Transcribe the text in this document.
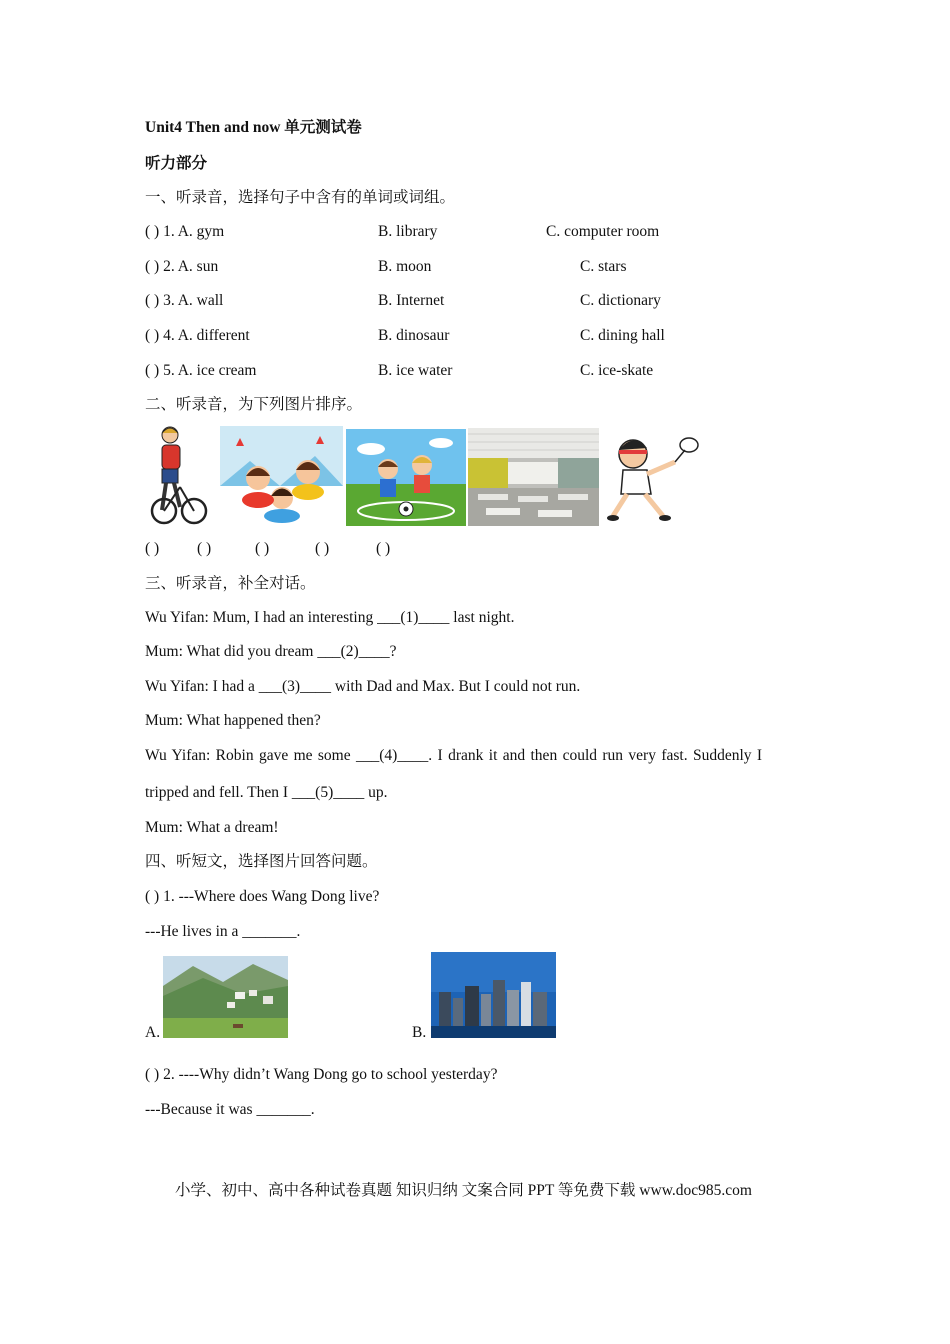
Unit4 Then and now 单元测试卷
听力部分
一、听录音，选择句子中含有的单词或词组。
( ) 1. A. gym	B. library	C. computer room
( ) 2. A. sun	B. moon	C. stars
( ) 3. A. wall	B. Internet	C. dictionary
( ) 4. A. different	B. dinosaur	C. dining hall
( ) 5. A. ice cream	B. ice water	C. ice-skate
二、听录音，为下列图片排序。
( ) ( )	( )	( )	( )
三、听录音，补全对话。
Wu Yifan: Mum, I had an interesting ___(1)____ last night.
Mum: What did you dream ___(2)____?
Wu Yifan: I had a ___(3)____ with Dad and Max. But I could not run.
Mum: What happened then?
Wu Yifan: Robin gave me some ___(4)____. I drank it and then could run very fast. Suddenly I
tripped and fell. Then I ___(5)____ up.
Mum: What a dream!
四、听短文，选择图片回答问题。
( ) 1. ---Where does Wang Dong live?
---He lives in a _______.
A.	B.
( ) 2. ----Why didn’t Wang Dong go to school yesterday?
---Because it was _______.
小学、初中、高中各种试卷真题 知识归纳 文案合同 PPT 等免费下载 www.doc985.com
